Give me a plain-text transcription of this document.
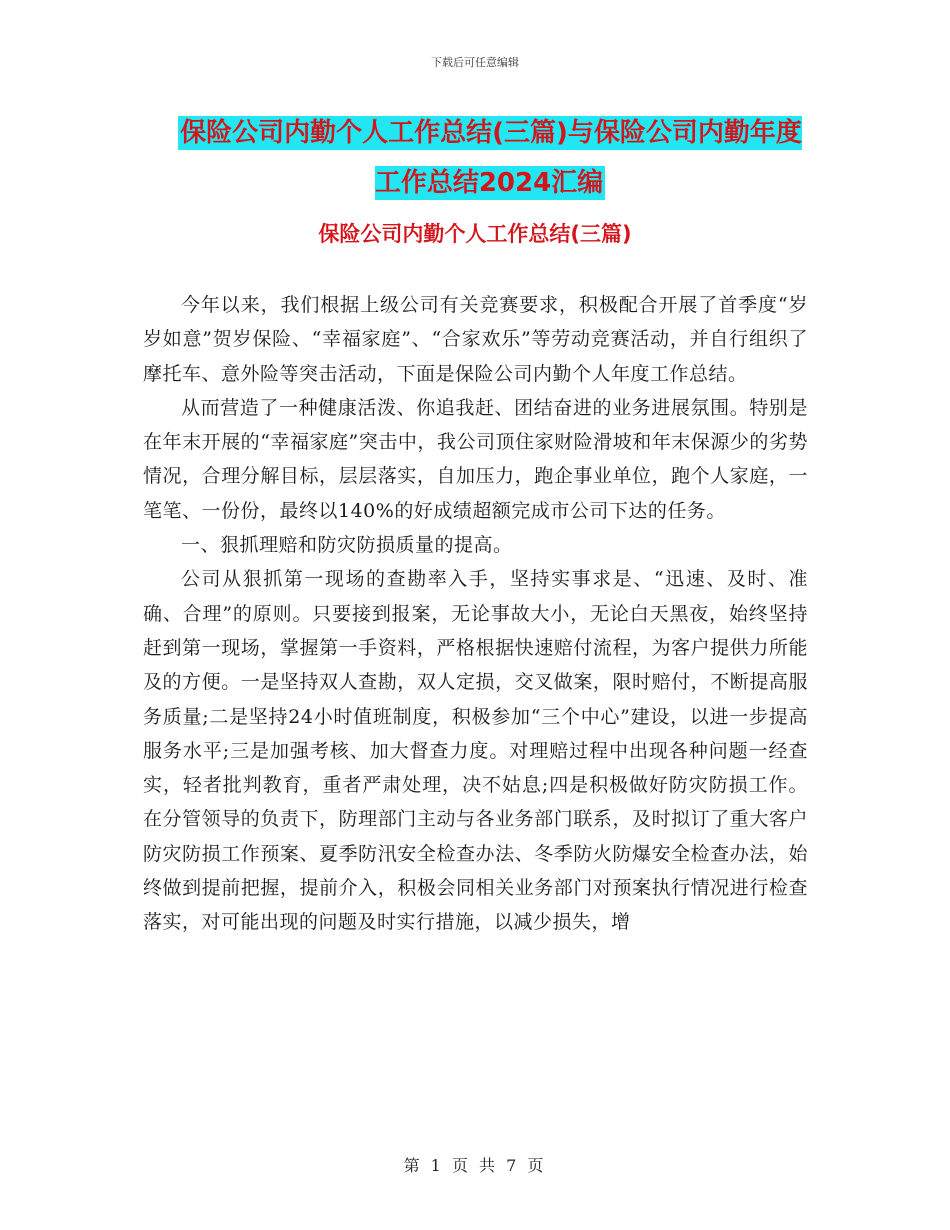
下载后可任意编辑
保险公司内勤个人工作总结(三篇)与保险公司内勤年度工作总结2024汇编
保险公司内勤个人工作总结(三篇)

今年以来，我们根据上级公司有关竞赛要求，积极配合开展了首季度“岁岁如意”贺岁保险、“幸福家庭”、“合家欢乐”等劳动竞赛活动，并自行组织了摩托车、意外险等突击活动，下面是保险公司内勤个人年度工作总结。

从而营造了一种健康活泼、你追我赶、团结奋进的业务进展氛围。特别是在年末开展的“幸福家庭”突击中，我公司顶住家财险滑坡和年末保源少的劣势情况，合理分解目标，层层落实，自加压力，跑企事业单位，跑个人家庭，一笔笔、一份份，最终以140%的好成绩超额完成市公司下达的任务。

一、狠抓理赔和防灾防损质量的提高。

公司从狠抓第一现场的查勘率入手，坚持实事求是、“迅速、及时、准确、合理”的原则。只要接到报案，无论事故大小，无论白天黑夜，始终坚持赶到第一现场，掌握第一手资料，严格根据快速赔付流程，为客户提供力所能及的方便。一是坚持双人查勘，双人定损，交叉做案，限时赔付，不断提高服务质量;二是坚持24小时值班制度，积极参加“三个中心”建设，以进一步提高服务水平;三是加强考核、加大督查力度。对理赔过程中出现各种问题一经查实，轻者批判教育，重者严肃处理，决不姑息;四是积极做好防灾防损工作。在分管领导的负责下，防理部门主动与各业务部门联系，及时拟订了重大客户防灾防损工作预案、夏季防汛安全检查办法、冬季防火防爆安全检查办法，始终做到提前把握，提前介入，积极会同相关业务部门对预案执行情况进行检查落实，对可能出现的问题及时实行措施，以减少损失，增

第 1 页 共 7 页
